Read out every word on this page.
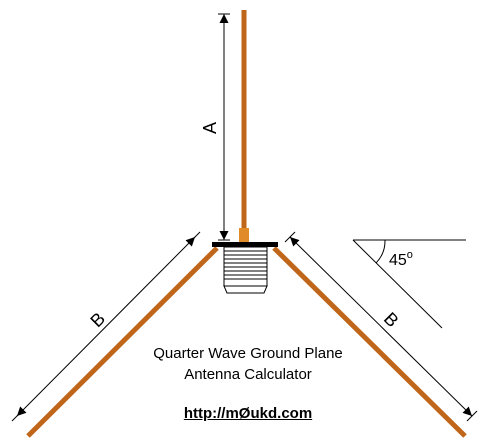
A
B	B
45$^o$
Quarter Wave Ground Plane
Antenna Calculator
http://mØukd.com
